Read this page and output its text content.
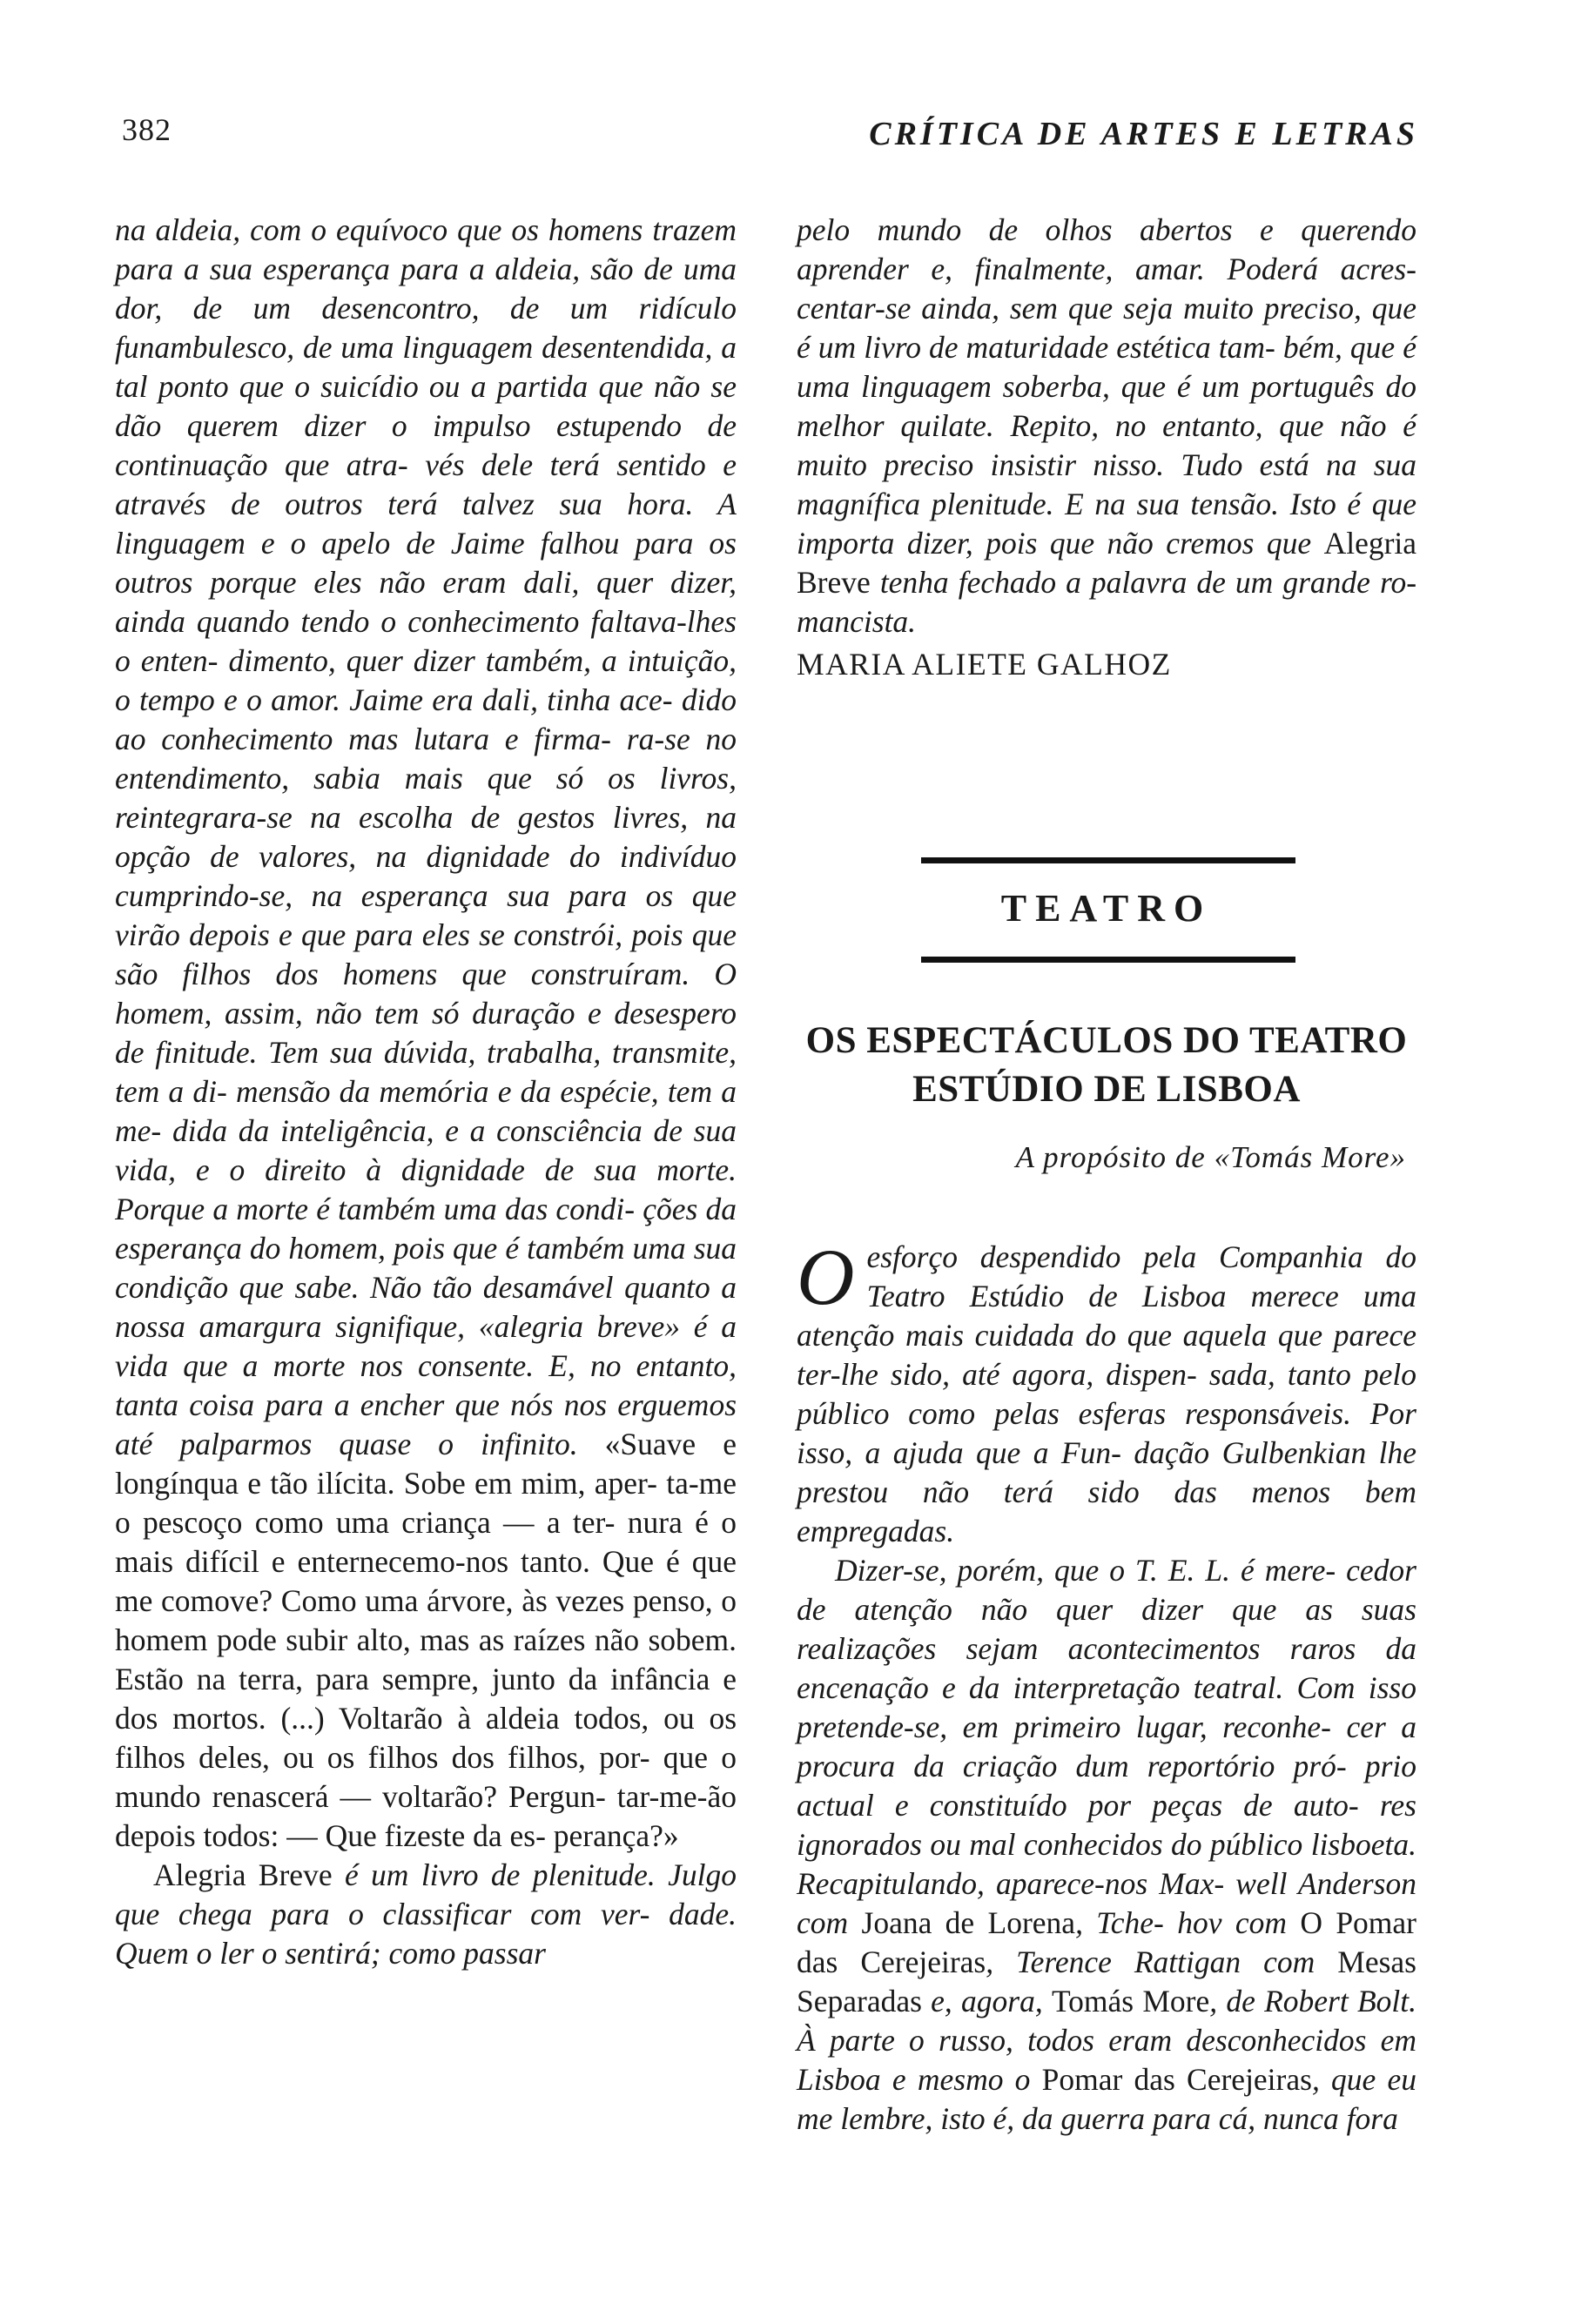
382	CRÍTICA DE ARTES E LETRAS

na aldeia, com o equívoco que os homens trazem para a sua esperança para a aldeia, são de uma dor, de um desencontro, de um ridículo funambulesco, de uma linguagem desentendida, a tal ponto que o suicídio ou a partida que não se dão querem dizer o impulso estupendo de continuação que atra- vés dele terá sentido e através de outros terá talvez sua hora. A linguagem e o apelo de Jaime falhou para os outros porque eles não eram dali, quer dizer, ainda quando tendo o conhecimento faltava-lhes o enten- dimento, quer dizer também, a intuição, o tempo e o amor. Jaime era dali, tinha ace- dido ao conhecimento mas lutara e firma- ra-se no entendimento, sabia mais que só os livros, reintegrara-se na escolha de gestos livres, na opção de valores, na dignidade do indivíduo cumprindo-se, na esperança sua para os que virão depois e que para eles se constrói, pois que são filhos dos homens que construíram. O homem, assim, não tem só duração e desespero de finitude. Tem sua dúvida, trabalha, transmite, tem a di- mensão da memória e da espécie, tem a me- dida da inteligência, e a consciência de sua vida, e o direito à dignidade de sua morte. Porque a morte é também uma das condi- ções da esperança do homem, pois que é também uma sua condição que sabe. Não tão desamável quanto a nossa amargura signifique, «alegria breve» é a vida que a morte nos consente. E, no entanto, tanta coisa para a encher que nós nos erguemos até palparmos quase o infinito. «Suave e longínqua e tão ilícita. Sobe em mim, aper- ta-me o pescoço como uma criança — a ter- nura é o mais difícil e enternecemo-nos tanto. Que é que me comove? Como uma árvore, às vezes penso, o homem pode subir alto, mas as raízes não sobem. Estão na terra, para sempre, junto da infância e dos mortos. (...) Voltarão à aldeia todos, ou os filhos deles, ou os filhos dos filhos, por- que o mundo renascerá — voltarão? Pergun- tar-me-ão depois todos: — Que fizeste da es- perança?»

Alegria Breve é um livro de plenitude. Julgo que chega para o classificar com ver- dade. Quem o ler o sentirá; como passar

pelo mundo de olhos abertos e querendo aprender e, finalmente, amar. Poderá acres- centar-se ainda, sem que seja muito preciso, que é um livro de maturidade estética tam- bém, que é uma linguagem soberba, que é um português do melhor quilate. Repito, no entanto, que não é muito preciso insistir nisso. Tudo está na sua magnífica plenitude. E na sua tensão. Isto é que importa dizer, pois que não cremos que Alegria Breve tenha fechado a palavra de um grande ro- mancista.

MARIA ALIETE GALHOZ

TEATRO
OS ESPECTÁCULOS DO TEATRO
ESTÚDIO DE LISBOA
A propósito de «Tomás More»

O esforço despendido pela Companhia do Teatro Estúdio de Lisboa merece uma atenção mais cuidada do que aquela que parece ter-lhe sido, até agora, dispen- sada, tanto pelo público como pelas esferas responsáveis. Por isso, a ajuda que a Fun- dação Gulbenkian lhe prestou não terá sido das menos bem empregadas.

Dizer-se, porém, que o T. E. L. é mere- cedor de atenção não quer dizer que as suas realizações sejam acontecimentos raros da encenação e da interpretação teatral. Com isso pretende-se, em primeiro lugar, reconhe- cer a procura da criação dum reportório pró- prio actual e constituído por peças de auto- res ignorados ou mal conhecidos do público lisboeta. Recapitulando, aparece-nos Max- well Anderson com Joana de Lorena, Tche- hov com O Pomar das Cerejeiras, Terence Rattigan com Mesas Separadas e, agora, Tomás More, de Robert Bolt. À parte o russo, todos eram desconhecidos em Lisboa e mesmo o Pomar das Cerejeiras, que eu me lembre, isto é, da guerra para cá, nunca fora
